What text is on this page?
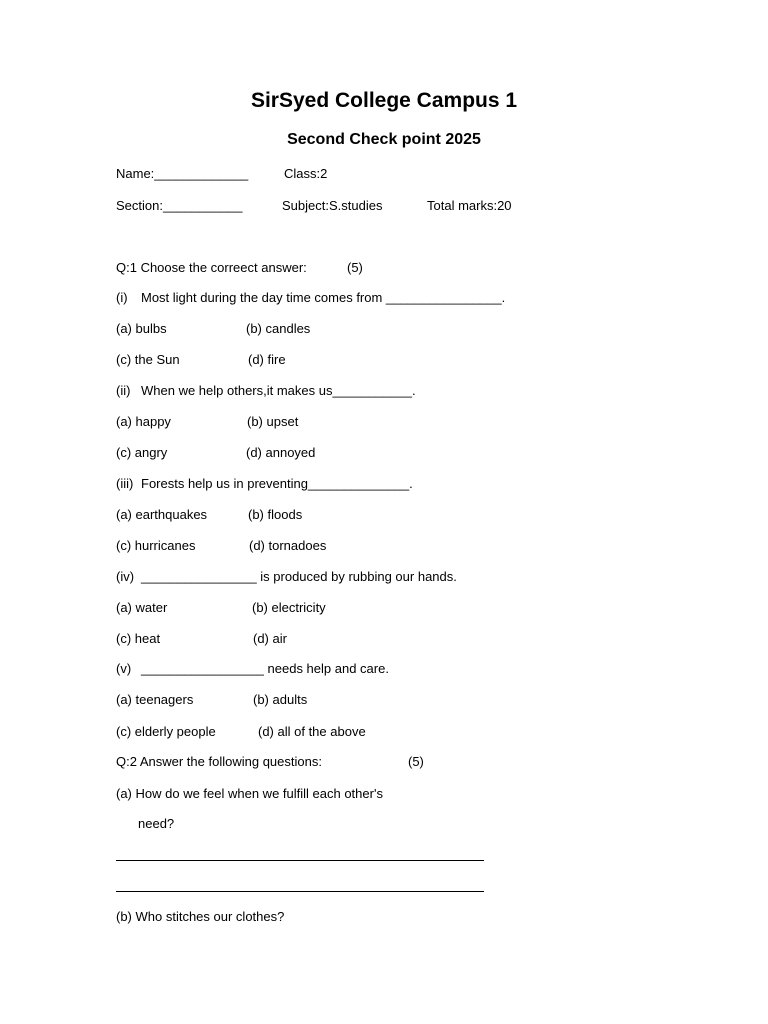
SirSyed College Campus 1
Second Check point 2025
Name:_____________	Class:2
Section:___________	Subject:S.studies	Total marks:20
Q:1 Choose the correect answer:	(5)
(i) Most light during the day time comes from ________________.
(a) bulbs	(b) candles
(c) the Sun	(d) fire
(ii) When we help others,it makes us___________.
(a) happy	(b) upset
(c) angry	(d) annoyed
(iii) Forests help us in preventing______________.
(a) earthquakes	(b) floods
(c) hurricanes	(d) tornadoes
(iv) ________________ is produced by rubbing our hands.
(a) water	(b) electricity
(c) heat	(d) air
(v) _________________ needs help and care.
(a) teenagers	(b) adults
(c) elderly people	(d) all of the above
Q:2 Answer the following questions:	(5)
(a) How do we feel when we fulfill each other's
need?
(b) Who stitches our clothes?
